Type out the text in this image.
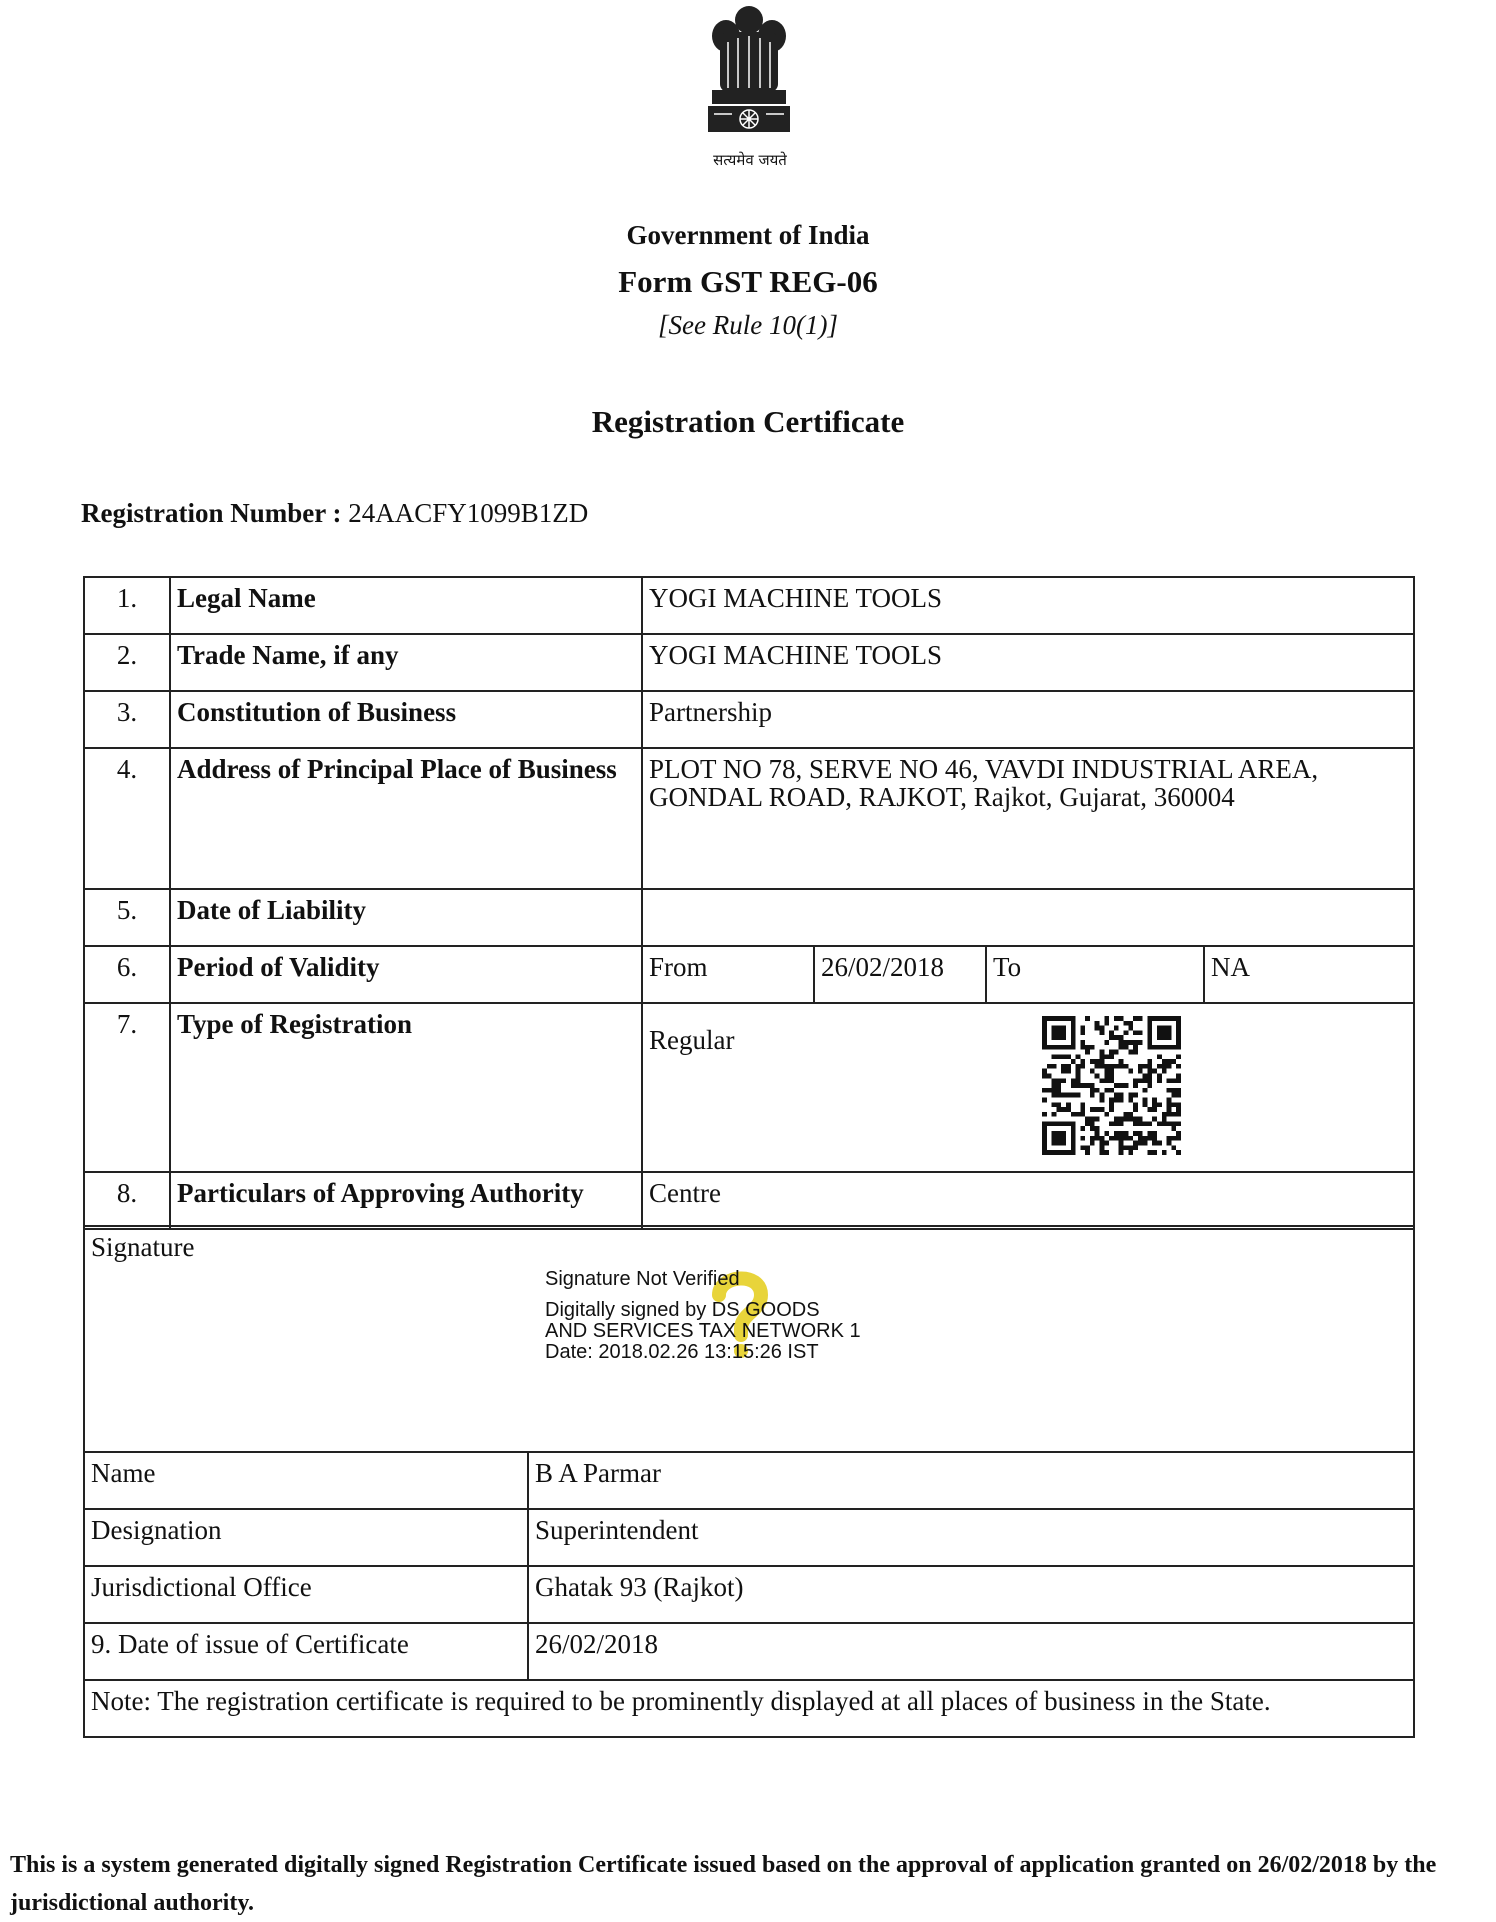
सत्यमेव जयते
Government of India
Form GST REG-06
[See Rule 10(1)]
Registration Certificate
Registration Number : 24AACFY1099B1ZD
1.	Legal Name	YOGI MACHINE TOOLS			
2.	Trade Name, if any	YOGI MACHINE TOOLS			
3.	Constitution of Business	Partnership			
4.	Address of Principal Place of Business	PLOT NO 78, SERVE NO 46, VAVDI INDUSTRIAL AREA, GONDAL ROAD, RAJKOT, Rajkot, Gujarat, 360004			
5.	Date of Liability				
6.	Period of Validity	From	26/02/2018	To	NA
7.	Type of Registration	Regular			
8.	Particulars of Approving Authority	Centre			
Signature
Signature Not Verified
Digitally signed by DS GOODS
AND SERVICES TAX NETWORK 1
Date: 2018.02.26 13:15:26 IST	

Name	B A Parmar
Designation	Superintendent
Jurisdictional Office	Ghatak 93 (Rajkot)
9. Date of issue of Certificate	26/02/2018
Note: The registration certificate is required to be prominently displayed at all places of business in the State.	
This is a system generated digitally signed Registration Certificate issued based on the approval of application granted on 26/02/2018 by the jurisdictional authority.
